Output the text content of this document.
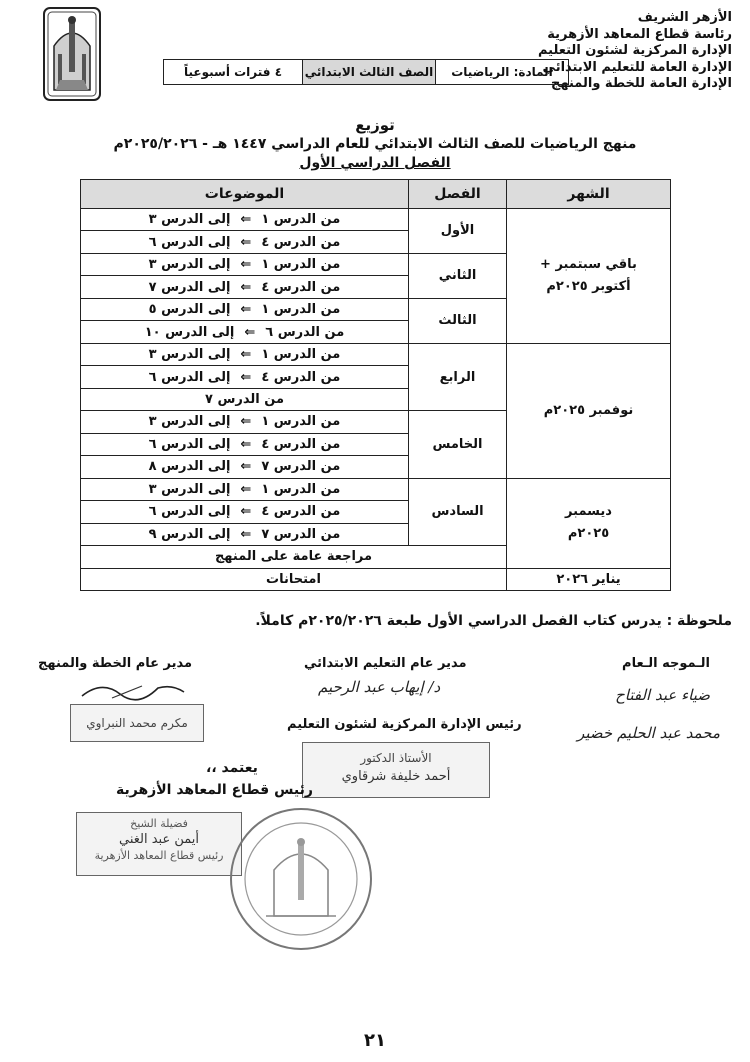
الأزهر الشريف
رئاسة قطاع المعاهد الأزهرية
الإدارة المركزية لشئون التعليم
الإدارة العامة للتعليم الابتدائي
الإدارة العامة للخطة والمنهج
المادة: الرياضيات
الصف الثالث الابتدائي
٤ فترات أسبوعياً
توزيع
منهج الرياضيات للصف الثالث الابتدائي للعام الدراسي ١٤٤٧ هـ - ٢٠٢٥/٢٠٢٦م
الفصل الدراسي الأول
الشهر	الفصل	الموضوعات
باقي سبتمبر + أكتوبر ٢٠٢٥م	الأول	من الدرس ١⇐إلى الدرس ٣
		من الدرس ٤⇐إلى الدرس ٦
	الثاني	من الدرس ١⇐إلى الدرس ٣
		من الدرس ٤⇐إلى الدرس ٧
	الثالث	من الدرس ١⇐إلى الدرس ٥
		من الدرس ٦⇐إلى الدرس ١٠
نوفمبر ٢٠٢٥م	الرابع	من الدرس ١⇐إلى الدرس ٣
		من الدرس ٤⇐إلى الدرس ٦
		من الدرس ٧
	الخامس	من الدرس ١⇐إلى الدرس ٣
		من الدرس ٤⇐إلى الدرس ٦
		من الدرس ٧⇐إلى الدرس ٨
ديسمبر ٢٠٢٥م	السادس	من الدرس ١⇐إلى الدرس ٣
		من الدرس ٤⇐إلى الدرس ٦
		من الدرس ٧⇐إلى الدرس ٩
	مراجعة عامة على المنهج	
يناير ٢٠٢٦	امتحانات	
ملحوظة : يدرس كتاب الفصل الدراسي الأول طبعة ٢٠٢٥/٢٠٢٦م كاملاً.
الـموجه الـعام
ضياء عبد الفتاح
محمد عبد الحليم خضير
مدير عام التعليم الابتدائي
د/ إيهاب عبد الرحيم
رئيس الإدارة المركزية لشئون التعليم
الأستاذ الدكتور
أحمد خليفة شرقاوي
مدير عام الخطة والمنهج
مكرم محمد النبراوي
يعتمد ،،
رئيس قطاع المعاهد الأزهرية
فضيلة الشيخ
أيمن عبد الغني
رئيس قطاع المعاهد الأزهرية
٢١
